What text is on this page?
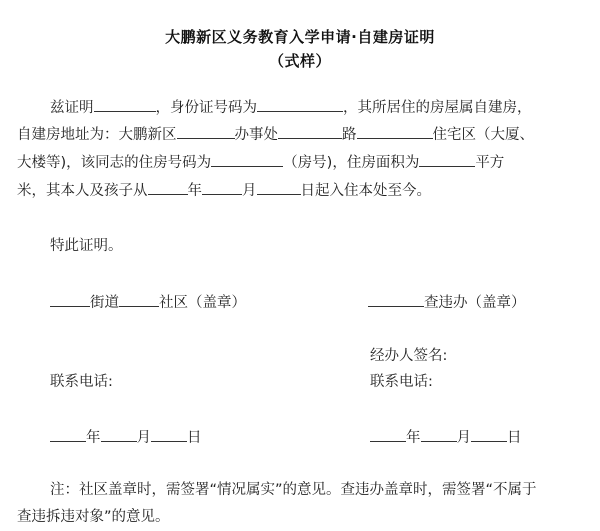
大鹏新区义务教育入学申请·自建房证明
（式样）
兹证明	，身份证号码为	，其所居住的房屋属自建房，
自建房地址为：大鹏新区	办事处	路	住宅区（大厦、
大楼等)，该同志的住房号码为	（房号)，住房面积为	平方
米，其本人及孩子从	年	月	日起入住本处至今。
特此证明。
街道	社区（盖章）	查违办（盖章）
经办人签名:
联系电话:	联系电话:
年 月 日	年 月 日
注：社区盖章时，需签署“情况属实”的意见。查违办盖章时，需签署“不属于
查违拆违对象”的意见。
